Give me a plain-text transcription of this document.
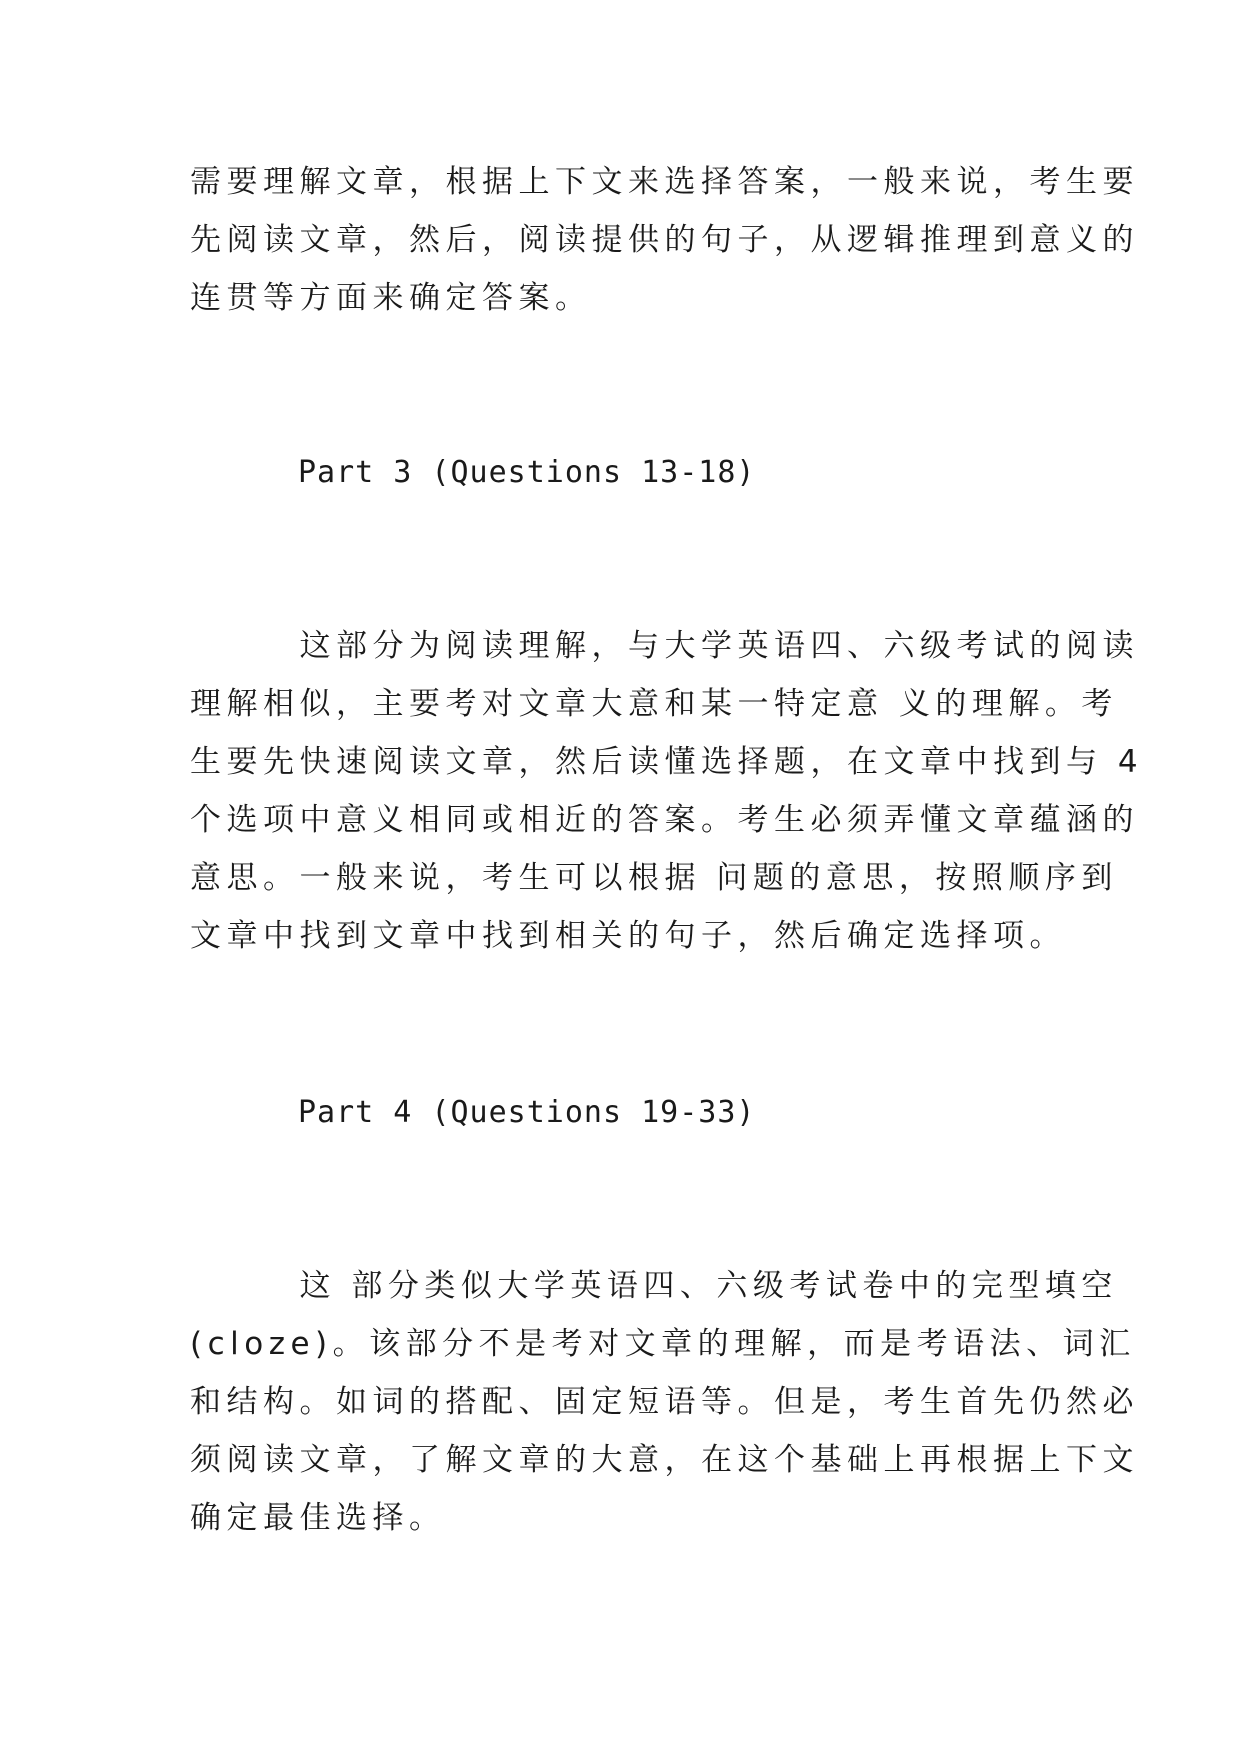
需要理解文章，根据上下文来选择答案，一般来说，考生要
先阅读文章，然后，阅读提供的句子，从逻辑推理到意义的
连贯等方面来确定答案。
Part 3 (Questions 13-18)
　　　这部分为阅读理解，与大学英语四、六级考试的阅读
理解相似，主要考对文章大意和某一特定意 义的理解。考
生要先快速阅读文章，然后读懂选择题，在文章中找到与 4
个选项中意义相同或相近的答案。考生必须弄懂文章蕴涵的
意思。一般来说，考生可以根据 问题的意思，按照顺序到
文章中找到文章中找到相关的句子，然后确定选择项。
Part 4 (Questions 19-33)
　　　这 部分类似大学英语四、六级考试卷中的完型填空
(cloze)。该部分不是考对文章的理解，而是考语法、词汇
和结构。如词的搭配、固定短语等。但是，考生首先仍然必
须阅读文章，了解文章的大意，在这个基础上再根据上下文
确定最佳选择。
